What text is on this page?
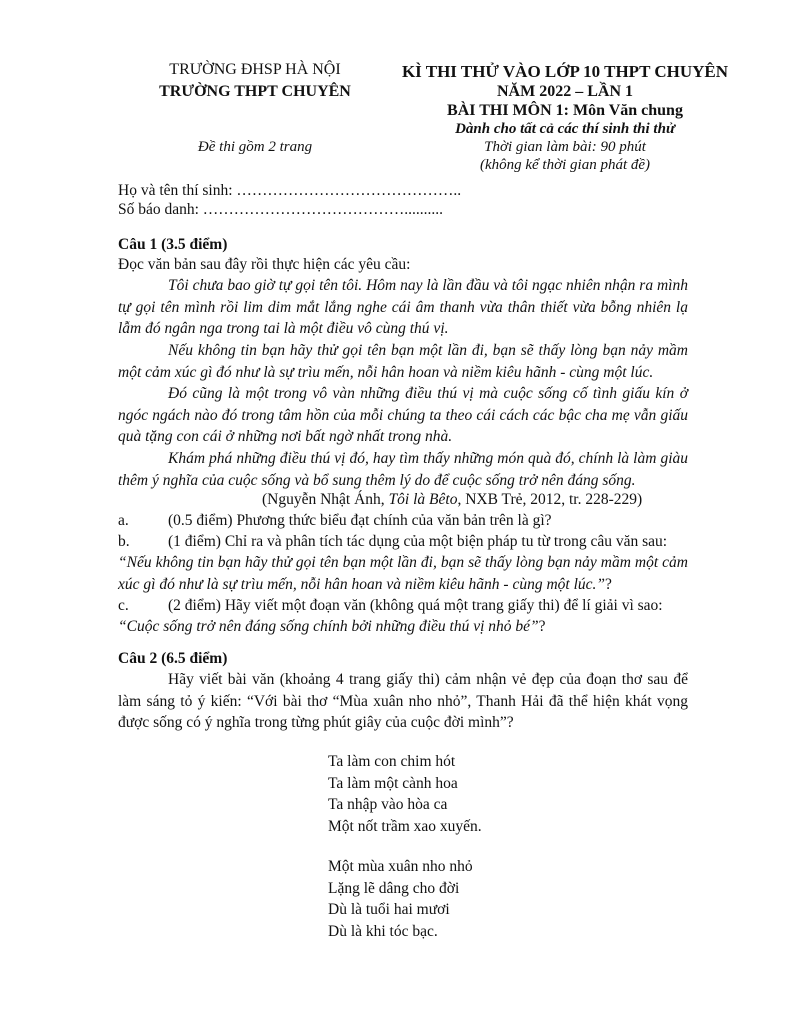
TRƯỜNG ĐHSP HÀ NỘI
TRƯỜNG THPT CHUYÊN
Đề thi gồm 2 trang
KÌ THI THỬ VÀO LỚP 10 THPT CHUYÊN
NĂM 2022 – LẦN 1
BÀI THI MÔN 1: Môn Văn chung
Dành cho tất cả các thí sinh thi thử
Thời gian làm bài: 90 phút
(không kể thời gian phát đề)
Họ và tên thí sinh: ……………………………………..
Số báo danh: …………………………………..........
Câu 1 (3.5 điểm)
Đọc văn bản sau đây rồi thực hiện các yêu cầu:
Tôi chưa bao giờ tự gọi tên tôi. Hôm nay là lần đầu và tôi ngạc nhiên nhận ra mình tự gọi tên mình rồi lim dim mắt lắng nghe cái âm thanh vừa thân thiết vừa bỗng nhiên lạ lẫm đó ngân nga trong tai là một điều vô cùng thú vị.
Nếu không tin bạn hãy thử gọi tên bạn một lần đi, bạn sẽ thấy lòng bạn nảy mầm một cảm xúc gì đó như là sự trìu mến, nỗi hân hoan và niềm kiêu hãnh - cùng một lúc.
Đó cũng là một trong vô vàn những điều thú vị mà cuộc sống cố tình giấu kín ở ngóc ngách nào đó trong tâm hồn của mỗi chúng ta theo cái cách các bậc cha mẹ vẫn giấu quà tặng con cái ở những nơi bất ngờ nhất trong nhà.
Khám phá những điều thú vị đó, hay tìm thấy những món quà đó, chính là làm giàu thêm ý nghĩa của cuộc sống và bổ sung thêm lý do để cuộc sống trở nên đáng sống.
(Nguyễn Nhật Ánh, Tôi là Bêto, NXB Trẻ, 2012, tr. 228-229)
a.	(0.5 điểm) Phương thức biểu đạt chính của văn bản trên là gì?
b. (1 điểm) Chỉ ra và phân tích tác dụng của một biện pháp tu từ trong câu văn sau:
“Nếu không tin bạn hãy thử gọi tên bạn một lần đi, bạn sẽ thấy lòng bạn nảy mầm một cảm xúc gì đó như là sự trìu mến, nỗi hân hoan và niềm kiêu hãnh - cùng một lúc.”?
c.	(2 điểm) Hãy viết một đoạn văn (không quá một trang giấy thi) để lí giải vì sao:
“Cuộc sống trở nên đáng sống chính bởi những điều thú vị nhỏ bé”?
Câu 2 (6.5 điểm)
Hãy viết bài văn (khoảng 4 trang giấy thi) cảm nhận vẻ đẹp của đoạn thơ sau để làm sáng tỏ ý kiến: “Với bài thơ “Mùa xuân nho nhỏ”, Thanh Hải đã thể hiện khát vọng được sống có ý nghĩa trong từng phút giây của cuộc đời mình”?
Ta làm con chim hót
Ta làm một cành hoa
Ta nhập vào hòa ca
Một nốt trầm xao xuyến.
Một mùa xuân nho nhỏ
Lặng lẽ dâng cho đời
Dù là tuổi hai mươi
Dù là khi tóc bạc.
